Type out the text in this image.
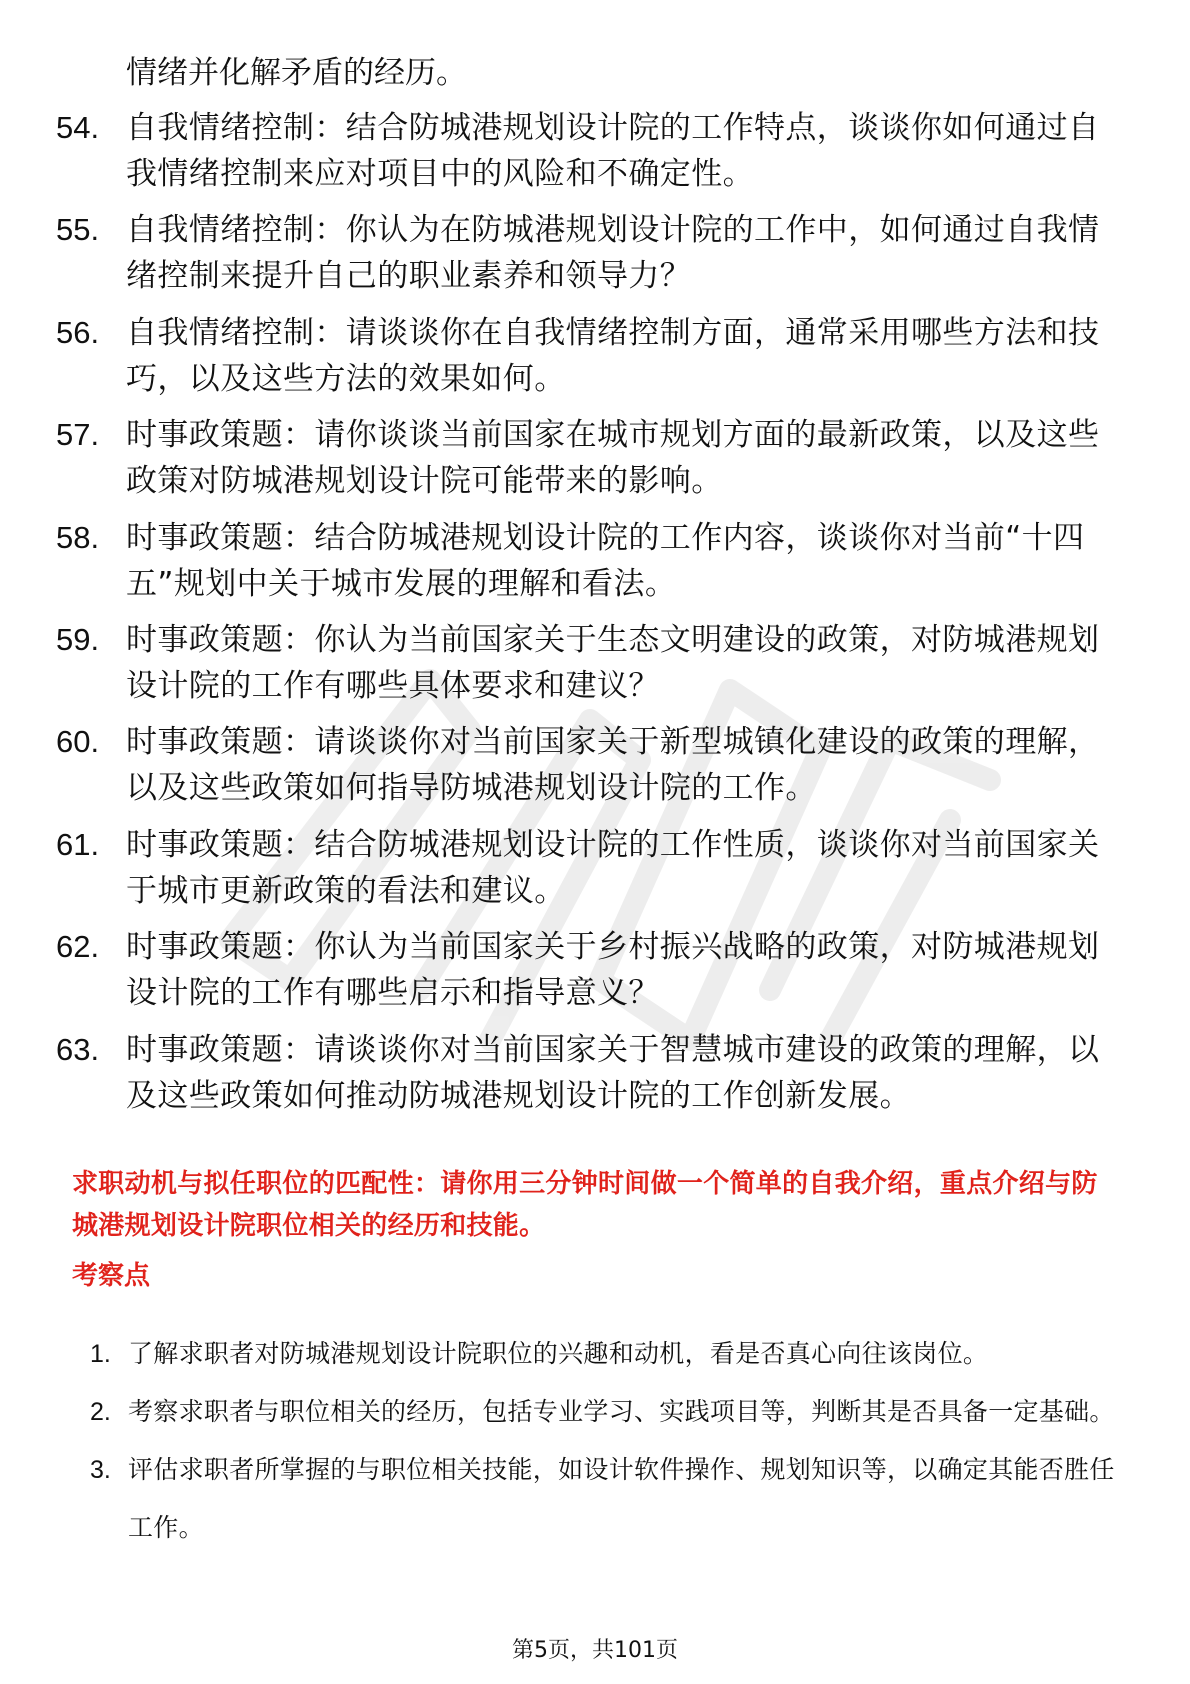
情绪并化解矛盾的经历。
54. 自我情绪控制：结合防城港规划设计院的工作特点，谈谈你如何通过自我情绪控制来应对项目中的风险和不确定性。
55. 自我情绪控制：你认为在防城港规划设计院的工作中，如何通过自我情绪控制来提升自己的职业素养和领导力？
56. 自我情绪控制：请谈谈你在自我情绪控制方面，通常采用哪些方法和技巧，以及这些方法的效果如何。
57. 时事政策题：请你谈谈当前国家在城市规划方面的最新政策，以及这些政策对防城港规划设计院可能带来的影响。
58. 时事政策题：结合防城港规划设计院的工作内容，谈谈你对当前“十四五”规划中关于城市发展的理解和看法。
59. 时事政策题：你认为当前国家关于生态文明建设的政策，对防城港规划设计院的工作有哪些具体要求和建议？
60. 时事政策题：请谈谈你对当前国家关于新型城镇化建设的政策的理解，以及这些政策如何指导防城港规划设计院的工作。
61. 时事政策题：结合防城港规划设计院的工作性质，谈谈你对当前国家关于城市更新政策的看法和建议。
62. 时事政策题：你认为当前国家关于乡村振兴战略的政策，对防城港规划设计院的工作有哪些启示和指导意义？
63. 时事政策题：请谈谈你对当前国家关于智慧城市建设的政策的理解，以及这些政策如何推动防城港规划设计院的工作创新发展。
求职动机与拟任职位的匹配性：请你用三分钟时间做一个简单的自我介绍，重点介绍与防城港规划设计院职位相关的经历和技能。
考察点
1. 了解求职者对防城港规划设计院职位的兴趣和动机，看是否真心向往该岗位。
2. 考察求职者与职位相关的经历，包括专业学习、实践项目等，判断其是否具备一定基础。
3. 评估求职者所掌握的与职位相关技能，如设计软件操作、规划知识等，以确定其能否胜任工作。
第5页，共101页
